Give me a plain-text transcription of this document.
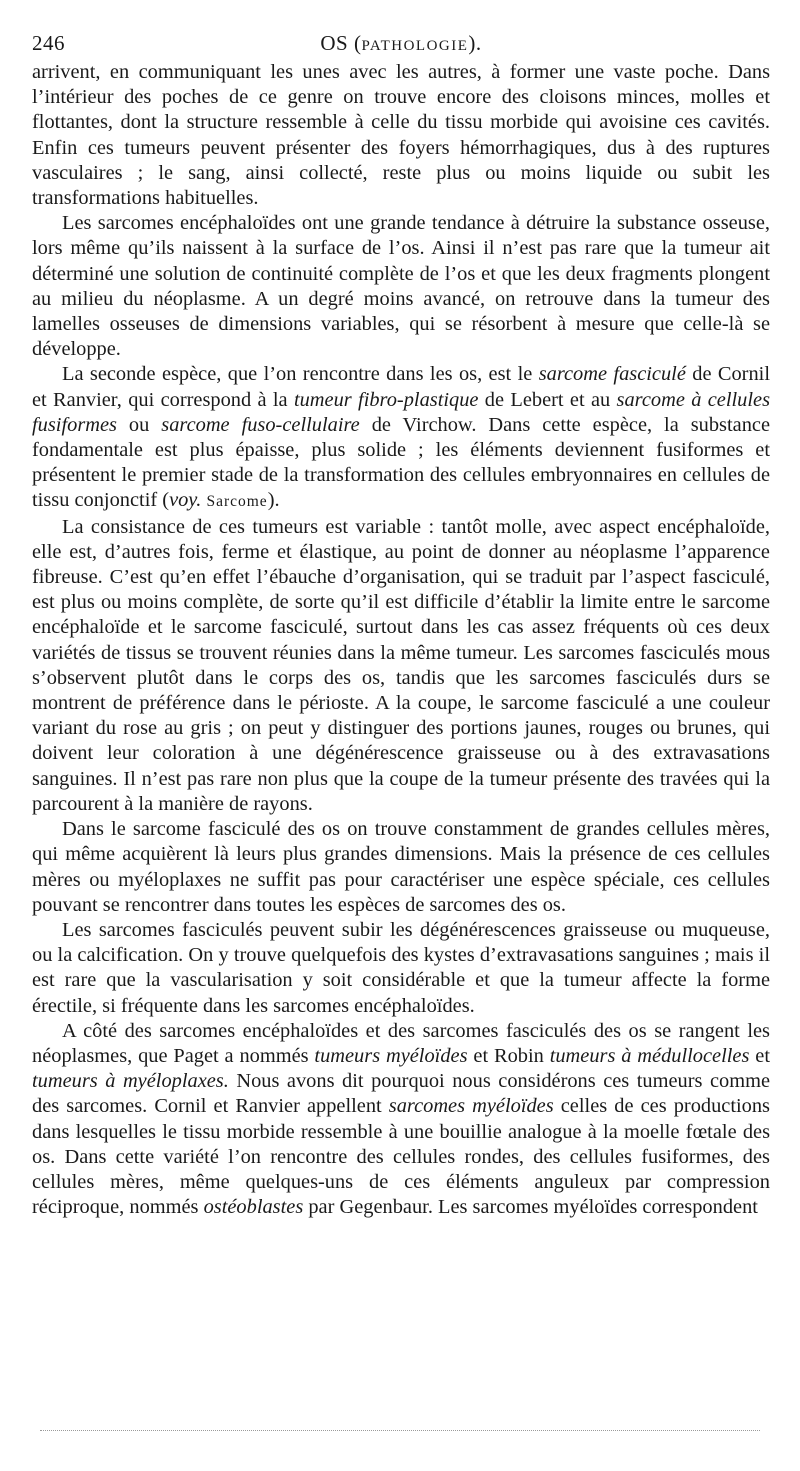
246	OS (PATHOLOGIE).

arrivent, en communiquant les unes avec les autres, à former une vaste poche. Dans l’intérieur des poches de ce genre on trouve encore des cloisons minces, molles et flottantes, dont la structure ressemble à celle du tissu morbide qui avoisine ces cavités. Enfin ces tumeurs peuvent présenter des foyers hémorrhagiques, dus à des ruptures vasculaires ; le sang, ainsi collecté, reste plus ou moins liquide ou subit les transformations habituelles.

Les sarcomes encéphaloïdes ont une grande tendance à détruire la substance osseuse, lors même qu’ils naissent à la surface de l’os. Ainsi il n’est pas rare que la tumeur ait déterminé une solution de continuité complète de l’os et que les deux fragments plongent au milieu du néoplasme. A un degré moins avancé, on retrouve dans la tumeur des lamelles osseuses de dimensions variables, qui se résorbent à mesure que celle-là se développe.

La seconde espèce, que l’on rencontre dans les os, est le sarcome fasciculé de Cornil et Ranvier, qui correspond à la tumeur fibro-plastique de Lebert et au sarcome à cellules fusiformes ou sarcome fuso-cellulaire de Virchow. Dans cette espèce, la substance fondamentale est plus épaisse, plus solide ; les éléments deviennent fusiformes et présentent le premier stade de la transformation des cellules embryonnaires en cellules de tissu conjonctif (voy. Sarcome).

La consistance de ces tumeurs est variable : tantôt molle, avec aspect encéphaloïde, elle est, d’autres fois, ferme et élastique, au point de donner au néoplasme l’apparence fibreuse. C’est qu’en effet l’ébauche d’organisation, qui se traduit par l’aspect fasciculé, est plus ou moins complète, de sorte qu’il est difficile d’établir la limite entre le sarcome encéphaloïde et le sarcome fasciculé, surtout dans les cas assez fréquents où ces deux variétés de tissus se trouvent réunies dans la même tumeur. Les sarcomes fasciculés mous s’observent plutôt dans le corps des os, tandis que les sarcomes fasciculés durs se montrent de préférence dans le périoste. A la coupe, le sarcome fasciculé a une couleur variant du rose au gris ; on peut y distinguer des portions jaunes, rouges ou brunes, qui doivent leur coloration à une dégénérescence graisseuse ou à des extravasations sanguines. Il n’est pas rare non plus que la coupe de la tumeur présente des travées qui la parcourent à la manière de rayons.

Dans le sarcome fasciculé des os on trouve constamment de grandes cellules mères, qui même acquièrent là leurs plus grandes dimensions. Mais la présence de ces cellules mères ou myéloplaxes ne suffit pas pour caractériser une espèce spéciale, ces cellules pouvant se rencontrer dans toutes les espèces de sarcomes des os.

Les sarcomes fasciculés peuvent subir les dégénérescences graisseuse ou muqueuse, ou la calcification. On y trouve quelquefois des kystes d’extravasations sanguines ; mais il est rare que la vascularisation y soit considérable et que la tumeur affecte la forme érectile, si fréquente dans les sarcomes encéphaloïdes.

A côté des sarcomes encéphaloïdes et des sarcomes fasciculés des os se rangent les néoplasmes, que Paget a nommés tumeurs myéloïdes et Robin tumeurs à médullocelles et tumeurs à myéloplaxes. Nous avons dit pourquoi nous considérons ces tumeurs comme des sarcomes. Cornil et Ranvier appellent sarcomes myéloïdes celles de ces productions dans lesquelles le tissu morbide ressemble à une bouillie analogue à la moelle fœtale des os. Dans cette variété l’on rencontre des cellules rondes, des cellules fusiformes, des cellules mères, même quelques-uns de ces éléments anguleux par compression réciproque, nommés ostéoblastes par Gegenbaur. Les sarcomes myéloïdes correspondent
